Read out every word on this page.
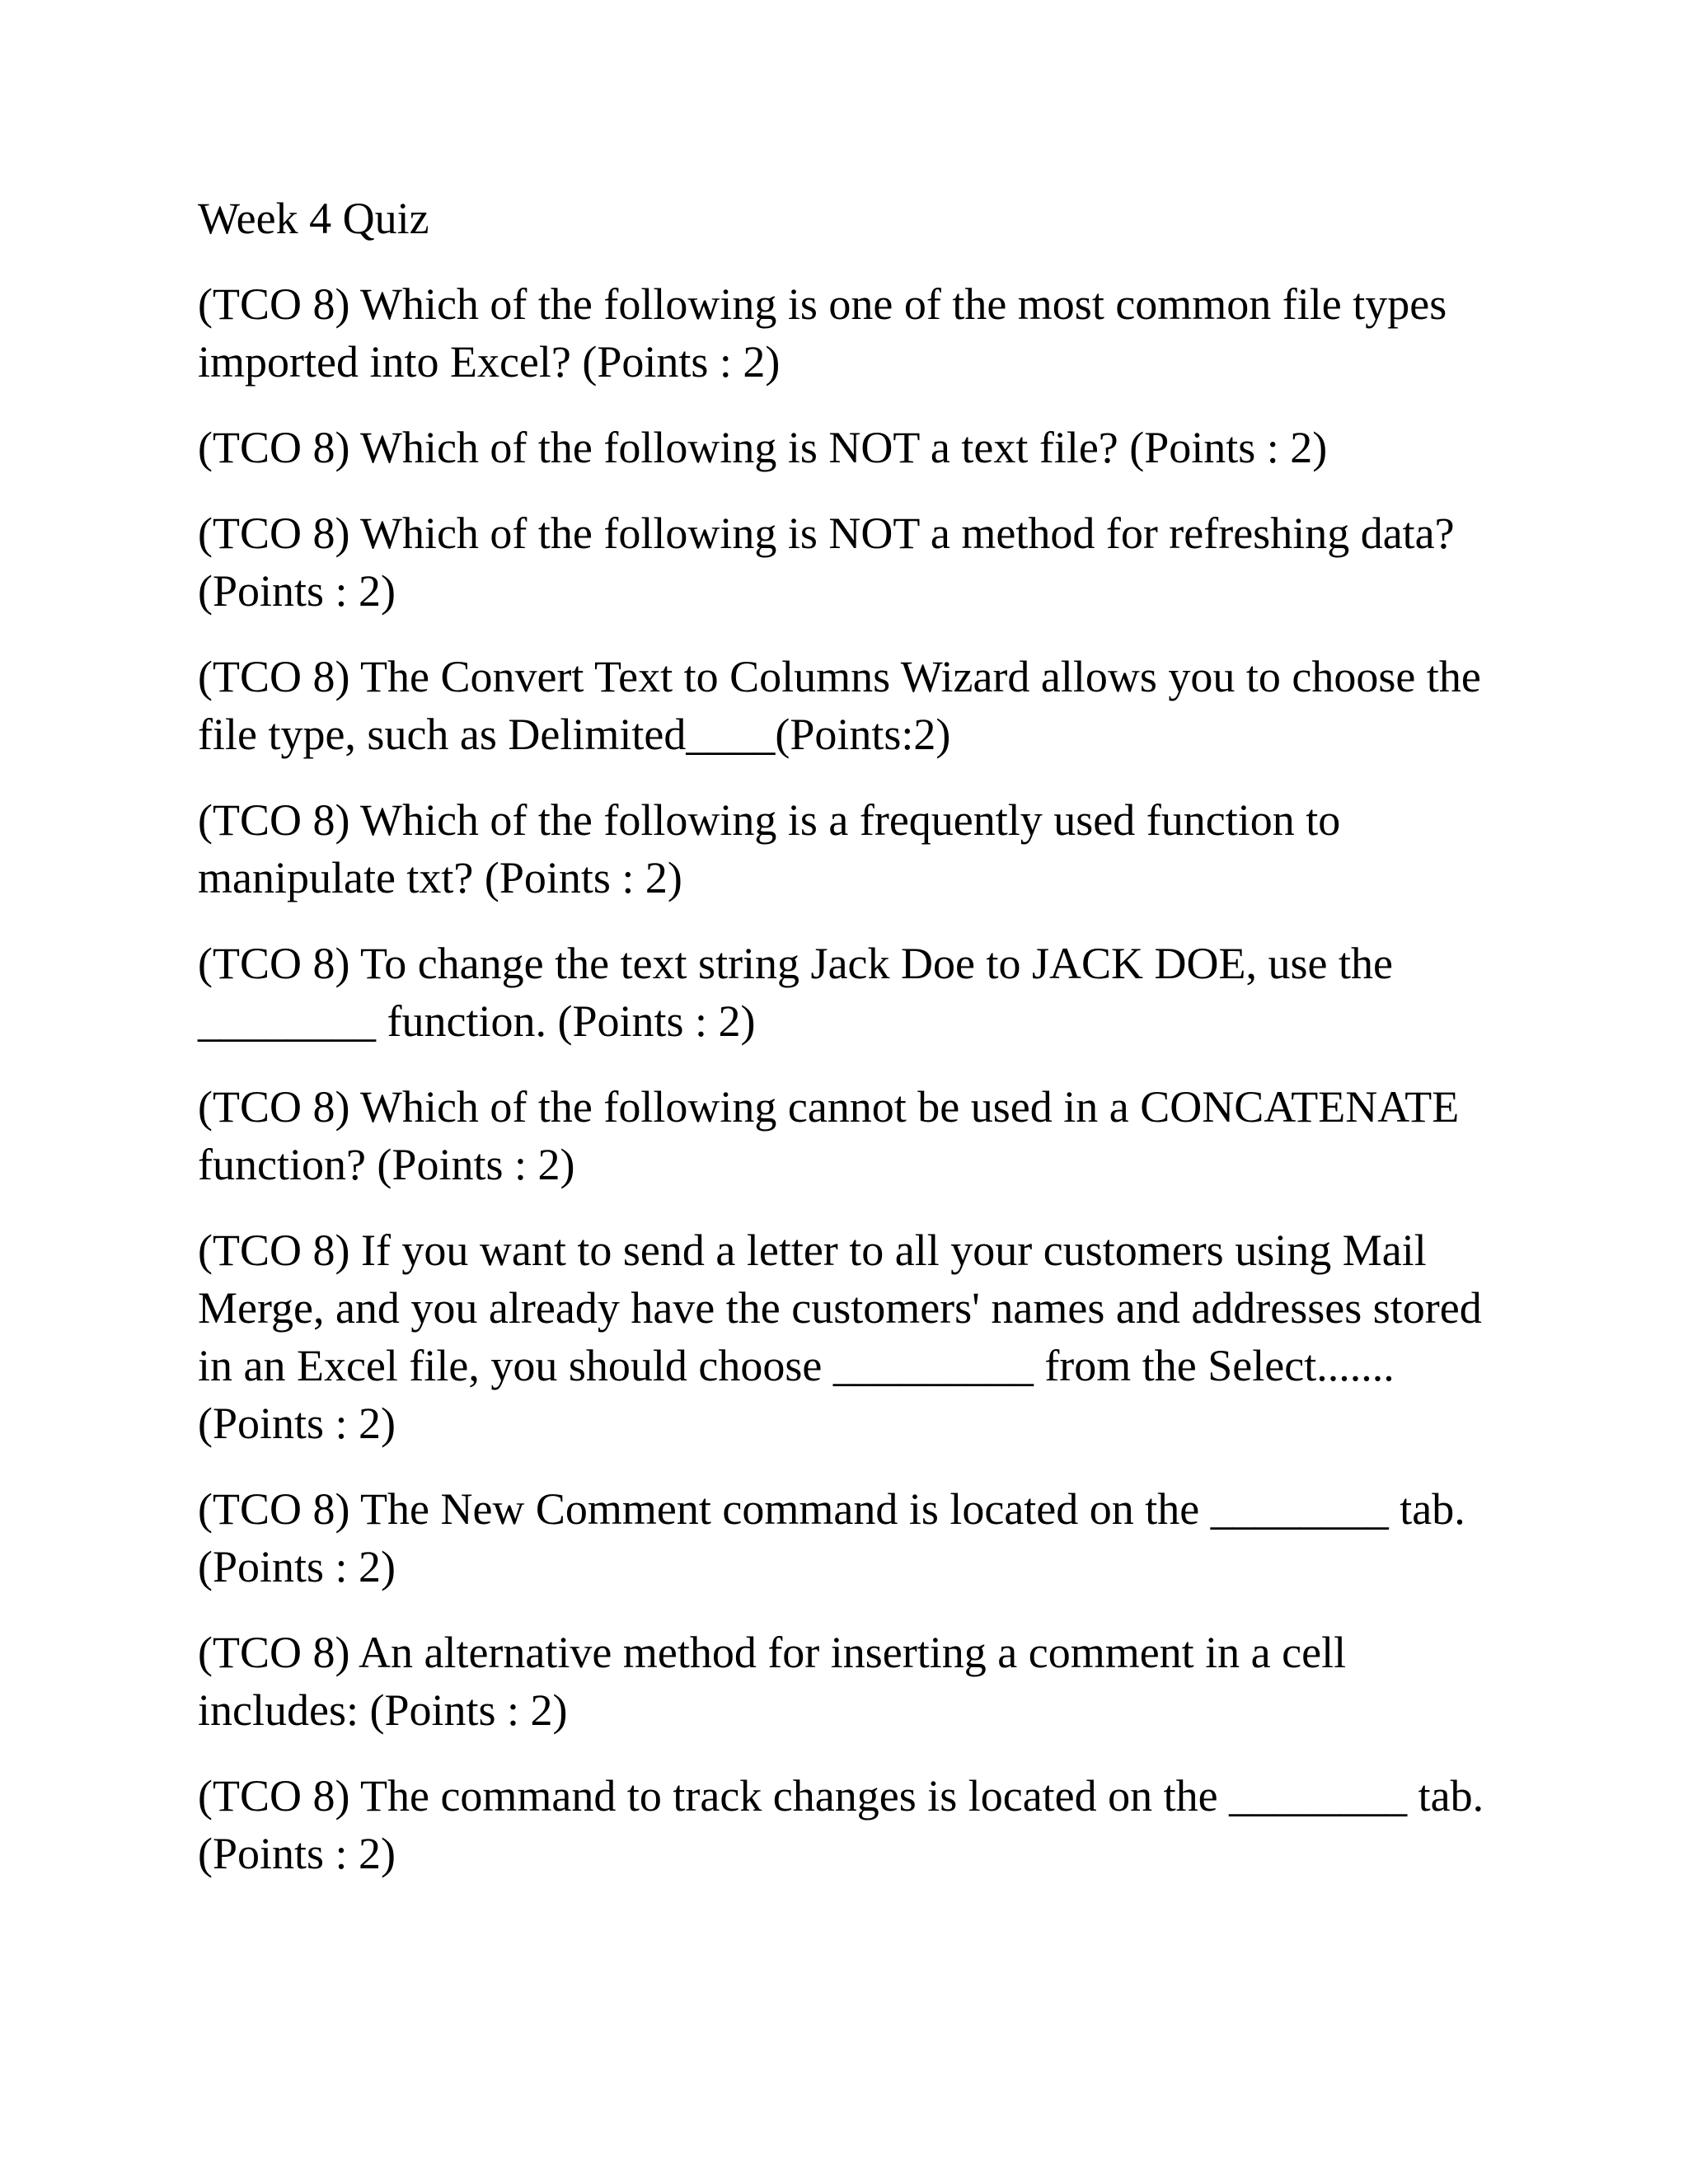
Week 4 Quiz
(TCO 8) Which of the following is one of the most common file types
imported into Excel? (Points : 2)
(TCO 8) Which of the following is NOT a text file? (Points : 2)
(TCO 8) Which of the following is NOT a method for refreshing data?
(Points : 2)
(TCO 8) The Convert Text to Columns Wizard allows you to choose the
file type, such as Delimited____(Points:2)
(TCO 8) Which of the following is a frequently used function to
manipulate txt? (Points : 2)
(TCO 8) To change the text string Jack Doe to JACK DOE, use the
________ function. (Points : 2)
(TCO 8) Which of the following cannot be used in a CONCATENATE
function? (Points : 2)
(TCO 8) If you want to send a letter to all your customers using Mail
Merge, and you already have the customers' names and addresses stored
in an Excel file, you should choose _________ from the Select.......
(Points : 2)
(TCO 8) The New Comment command is located on the ________ tab.
(Points : 2)
(TCO 8) An alternative method for inserting a comment in a cell
includes: (Points : 2)
(TCO 8) The command to track changes is located on the ________ tab.
(Points : 2)
